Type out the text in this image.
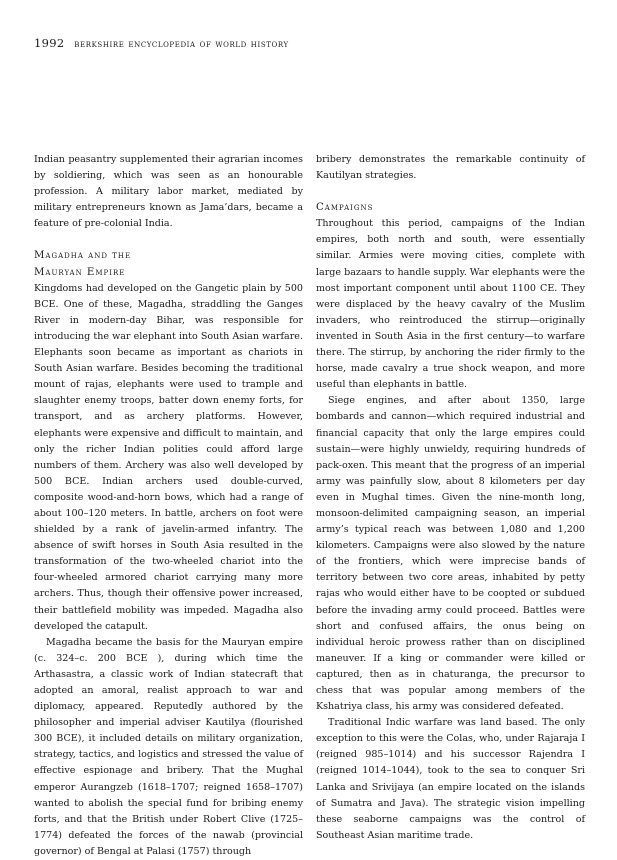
1992 berkshire encyclopedia of world history

Indian peasantry supplemented their agrarian incomes by soldiering, which was seen as an honourable profession. A military labor market, mediated by military entrepreneurs known as Jama’dars, became a feature of pre-colonial India.

Magadha and the
Mauryan Empire

Kingdoms had developed on the Gangetic plain by 500 BCE. One of these, Magadha, straddling the Ganges River in modern-day Bihar, was responsible for introducing the war elephant into South Asian warfare. Elephants soon became as important as chariots in South Asian warfare. Besides becoming the traditional mount of rajas, elephants were used to trample and slaughter enemy troops, batter down enemy forts, for transport, and as archery platforms. However, elephants were expensive and difficult to maintain, and only the richer Indian polities could afford large numbers of them. Archery was also well developed by 500 BCE. Indian archers used double-curved, composite wood-and-horn bows, which had a range of about 100–120 meters. In battle, archers on foot were shielded by a rank of javelin-armed infantry. The absence of swift horses in South Asia resulted in the transformation of the two-wheeled chariot into the four-wheeled armored chariot carrying many more archers. Thus, though their offensive power increased, their battlefield mobility was impeded. Magadha also developed the catapult.

Magadha became the basis for the Mauryan empire (c. 324–c. 200 BCE ), during which time the Arthasastra, a classic work of Indian statecraft that adopted an amoral, realist approach to war and diplomacy, appeared. Reputedly authored by the philosopher and imperial adviser Kautilya (flourished 300 BCE), it included details on military organization, strategy, tactics, and logistics and stressed the value of effective espionage and bribery. That the Mughal emperor Aurangzeb (1618–1707; reigned 1658–1707) wanted to abolish the special fund for bribing enemy forts, and that the British under Robert Clive (1725–1774) defeated the forces of the nawab (provincial governor) of Bengal at Palasi (1757) through

bribery demonstrates the remarkable continuity of Kautilyan strategies.

Campaigns

Throughout this period, campaigns of the Indian empires, both north and south, were essentially similar. Armies were moving cities, complete with large bazaars to handle supply. War elephants were the most important component until about 1100 CE. They were displaced by the heavy cavalry of the Muslim invaders, who reintroduced the stirrup—originally invented in South Asia in the first century—to warfare there. The stirrup, by anchoring the rider firmly to the horse, made cavalry a true shock weapon, and more useful than elephants in battle.

Siege engines, and after about 1350, large bombards and cannon—which required industrial and financial capacity that only the large empires could sustain—were highly unwieldy, requiring hundreds of pack-oxen. This meant that the progress of an imperial army was painfully slow, about 8 kilometers per day even in Mughal times. Given the nine-month long, monsoon-delimited campaigning season, an imperial army’s typical reach was between 1,080 and 1,200 kilometers. Campaigns were also slowed by the nature of the frontiers, which were imprecise bands of territory between two core areas, inhabited by petty rajas who would either have to be coopted or subdued before the invading army could proceed. Battles were short and confused affairs, the onus being on individual heroic prowess rather than on disciplined maneuver. If a king or commander were killed or captured, then as in chaturanga, the precursor to chess that was popular among members of the Kshatriya class, his army was considered defeated.

Traditional Indic warfare was land based. The only exception to this were the Colas, who, under Rajaraja I (reigned 985–1014) and his successor Rajendra I (reigned 1014–1044), took to the sea to conquer Sri Lanka and Srivijaya (an empire located on the islands of Sumatra and Java). The strategic vision impelling these seaborne campaigns was the control of Southeast Asian maritime trade.
